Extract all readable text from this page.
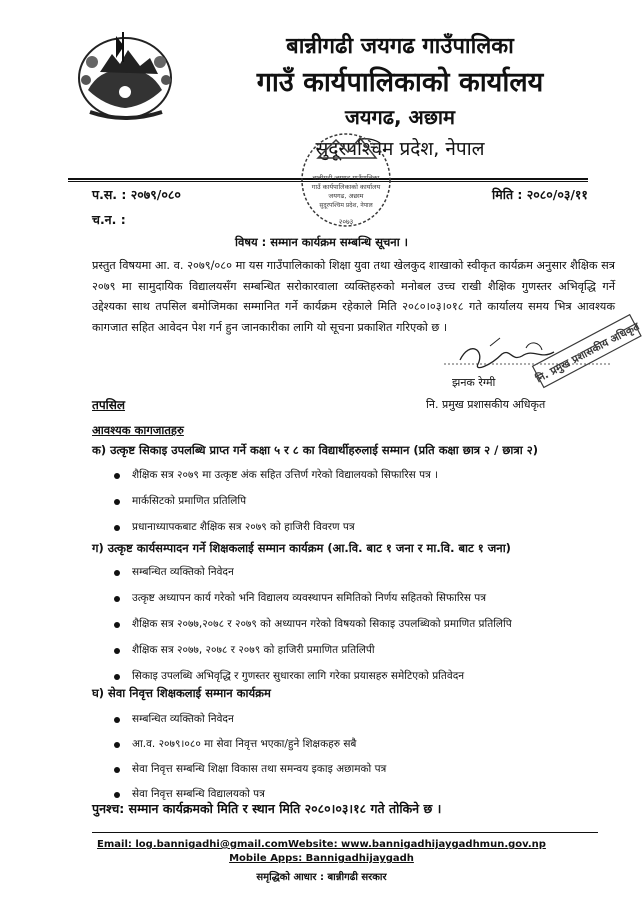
बान्नीगढी जयगढ गाउँपालिका
गाउँ कार्यपालिकाको कार्यालय
जयगढ, अछाम
सुदूरपश्चिम प्रदेश, नेपाल
बान्नीगढी जयगढ गाउँपालिका
गाउँ कार्यपालिकाको कार्यालय
जयगढ, अछाम
सुदूरपश्चिम प्रदेश, नेपाल
२०७३
प.स. : २०७९/०८०
च.न. :
मिति : २०८०/०३/११
विषय : सम्मान कार्यक्रम सम्बन्धि सूचना ।
प्रस्तुत विषयमा आ. व. २०७९/०८० मा यस गाउँपालिकाको शिक्षा युवा तथा खेलकुद शाखाको स्वीकृत कार्यक्रम अनुसार शैक्षिक सत्र २०७९ मा सामुदायिक विद्यालयसँग सम्बन्धित सरोकारवाला व्यक्तिहरुको मनोबल उच्च राखी शैक्षिक गुणस्तर अभिवृद्धि गर्ने उद्देश्यका साथ तपसिल बमोजिमका सम्मानित गर्ने कार्यक्रम रहेकाले मिति २०८०।०३।०१८ गते कार्यालय समय भित्र आवश्यक कागजात सहित आवेदन पेश गर्न हुन जानकारीका लागि यो सूचना प्रकाशित गरिएको छ ।	नि. प्रमुख प्रशासकीय अधिकृत
झनक रेग्मी
नि. प्रमुख प्रशासकीय अधिकृत
तपसिल
आवश्यक कागजातहरु
क) उत्कृष्ट सिकाइ उपलब्धि प्राप्त गर्ने कक्षा ५ र ८ का विद्यार्थीहरुलाई सम्मान (प्रति कक्षा छात्र २ / छात्रा २)
शैक्षिक सत्र २०७९ मा उत्कृष्ट अंक सहित उत्तिर्ण गरेको विद्यालयको सिफारिस पत्र ।
मार्कसिटको प्रमाणित प्रतिलिपि
प्रधानाध्यापकबाट शैक्षिक सत्र २०७९ को हाजिरी विवरण पत्र
ग) उत्कृष्ट कार्यसम्पादन गर्ने शिक्षकलाई सम्मान कार्यक्रम (आ.वि. बाट १ जना र मा.वि. बाट १ जना)
सम्बन्धित व्यक्तिको निवेदन
उत्कृष्ट अध्यापन कार्य गरेको भनि विद्यालय व्यवस्थापन समितिको निर्णय सहितको सिफारिस पत्र
शैक्षिक सत्र २०७७,२०७८ र २०७९ को अध्यापन गरेको विषयको सिकाइ उपलब्धिको प्रमाणित प्रतिलिपि
शैक्षिक सत्र २०७७, २०७८ र २०७९ को हाजिरी प्रमाणित प्रतिलिपी
सिकाइ उपलब्धि अभिवृद्धि र गुणस्तर सुधारका लागि गरेका प्रयासहरु समेटिएको प्रतिवेदन
घ) सेवा निवृत्त शिक्षकलाई सम्मान कार्यक्रम
सम्बन्धित व्यक्तिको निवेदन
आ.व. २०७९।०८० मा सेवा निवृत्त भएका/हुने शिक्षकहरु सबै
सेवा निवृत्त सम्बन्धि शिक्षा विकास तथा समन्वय इकाइ अछामको पत्र
सेवा निवृत्त सम्बन्धि विद्यालयको पत्र
पुनश्च: सम्मान कार्यक्रमको मिति र स्थान मिति २०८०।०३।१८ गते तोकिने छ ।
Email: log.bannigadhi@gmail.comWebsite: www.bannigadhijaygadhmun.gov.np
Mobile Apps: Bannigadhijaygadh
समृद्धिको आधार : बान्नीगढी सरकार
